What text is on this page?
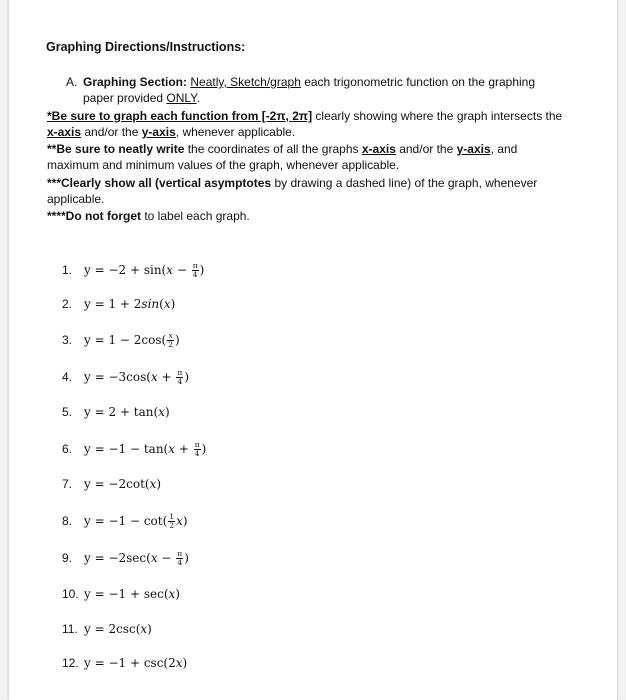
Graphing Directions/Instructions:
A. Graphing Section: Neatly, Sketch/graph each trigonometric function on the graphing
paper provided ONLY.
*Be sure to graph each function from [-2π, 2π] clearly showing where the graph intersects the
x-axis and/or the y-axis, whenever applicable.
**Be sure to neatly write the coordinates of all the graphs x-axis and/or the y-axis, and
maximum and minimum values of the graph, whenever applicable.
***Clearly show all (vertical asymptotes by drawing a dashed line) of the graph, whenever
applicable.
****Do not forget to label each graph.
1. $y = -2 + \sin(x - \frac{\pi}{4}$ )
2. y = 1 + 2sin(x)
3. $y = 1 - 2\cos( \frac{x}{2}$ )
4. $y = -3\cos(x + \frac{\pi}{4}$ )
5. y = 2 + tan(x)
6. $y = -1 - \tan(x + \frac{\pi}{4}$ )
7. y = −2cot(x)
8. $y = -1 - \cot( \frac{1}{2} x)$
9. $y = -2\sec(x - \frac{\pi}{4}$ )
10. y = −1 + sec(x)
11. y = 2csc(x)
12. y = −1 + csc(2x)
